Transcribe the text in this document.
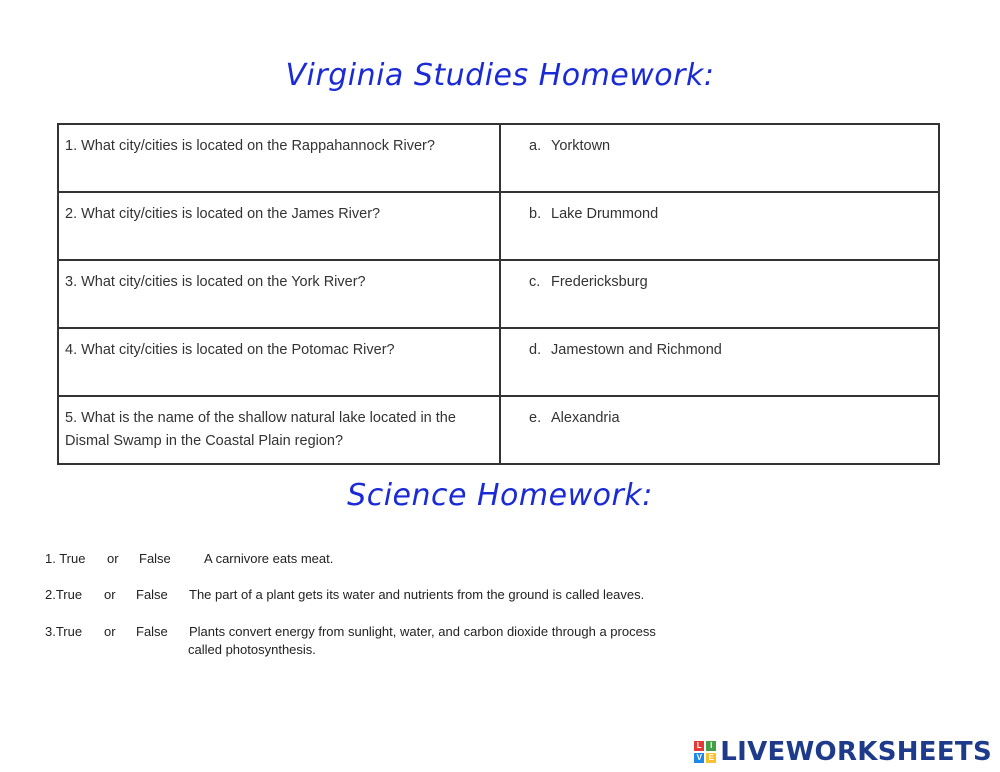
Virginia Studies Homework:
1. What city/cities is located on the Rappahannock River?	a. Yorktown
2. What city/cities is located on the James River?	b. Lake Drummond
3. What city/cities is located on the York River?	c. Fredericksburg
4. What city/cities is located on the Potomac River?	d. Jamestown and Richmond
5. What is the name of the shallow natural lake located in the Dismal Swamp in the Coastal Plain region?	e. Alexandria
Science Homework:
1. True or False	A carnivore eats meat.
2.True or False The part of a plant gets its water and nutrients from the ground is called leaves.
3.True or False Plants convert energy from sunlight, water, and carbon dioxide through a process
called photosynthesis.
L	I
V E LIVEWORKSHEETS
